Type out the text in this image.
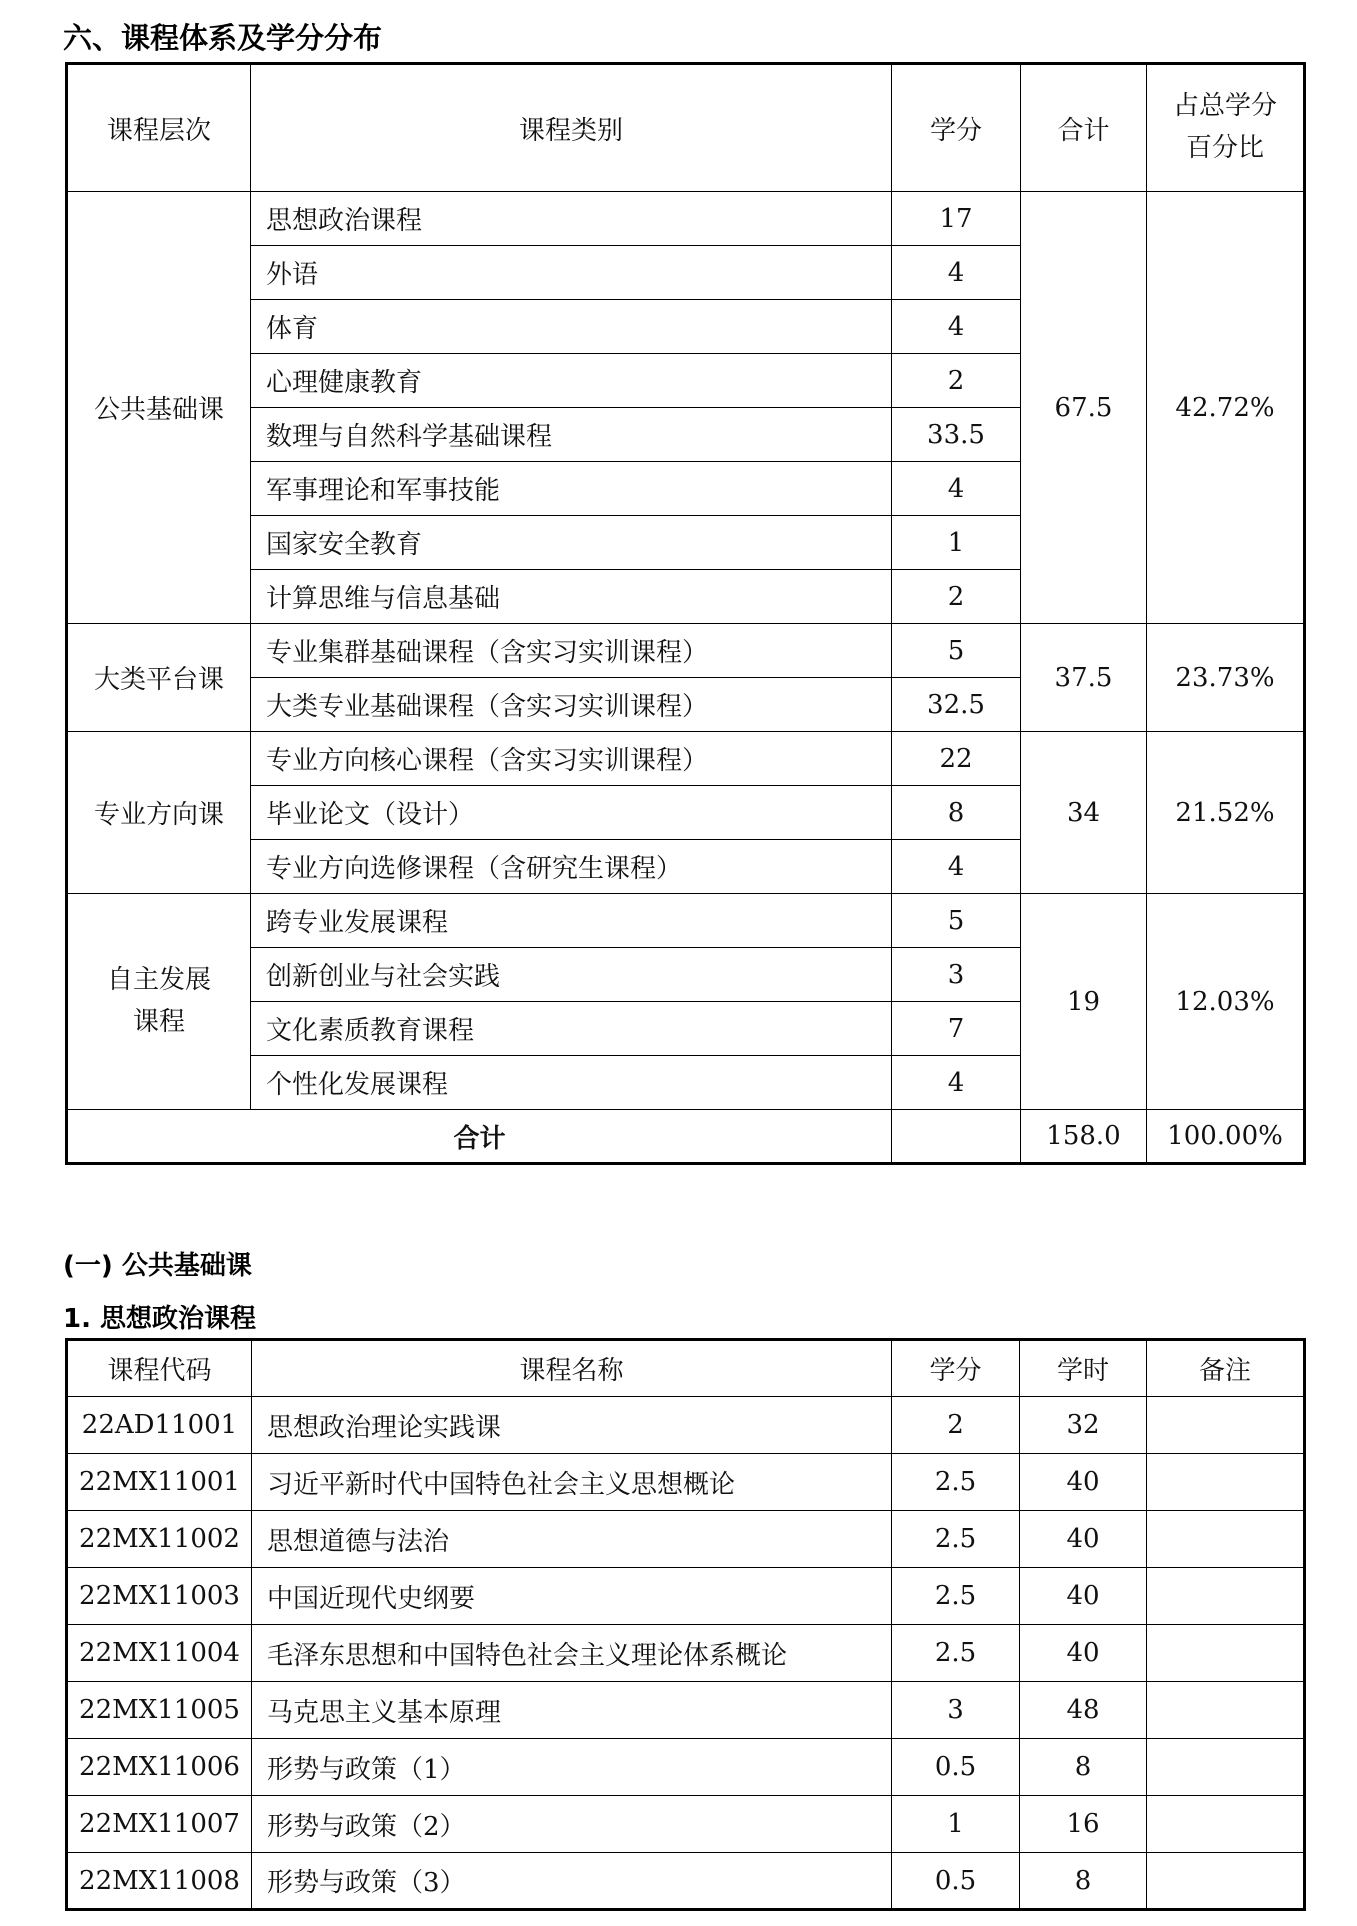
六、课程体系及学分分布
课程层次	课程类别	学分	合计	占总学分
百分比
公共基础课	思想政治课程	17	67.5	42.72%
	外语	4		
	体育	4		
	心理健康教育	2		
	数理与自然科学基础课程	33.5		
	军事理论和军事技能	4		
	国家安全教育	1		
	计算思维与信息基础	2		
大类平台课	专业集群基础课程（含实习实训课程）	5	37.5	23.73%
	大类专业基础课程（含实习实训课程）	32.5		
专业方向课	专业方向核心课程（含实习实训课程）	22	34	21.52%
	毕业论文（设计）	8		
	专业方向选修课程（含研究生课程）	4		
自主发展
课程	跨专业发展课程	5	19	12.03%
	创新创业与社会实践	3		
	文化素质教育课程	7		
	个性化发展课程	4		
合计			158.0	100.00%
(一) 公共基础课
1. 思想政治课程
课程代码	课程名称	学分	学时	备注
22AD11001	思想政治理论实践课	2	32	
22MX11001	习近平新时代中国特色社会主义思想概论	2.5	40	
22MX11002	思想道德与法治	2.5	40	
22MX11003	中国近现代史纲要	2.5	40	
22MX11004	毛泽东思想和中国特色社会主义理论体系概论	2.5	40	
22MX11005	马克思主义基本原理	3	48	
22MX11006	形势与政策（1）	0.5	8	
22MX11007	形势与政策（2）	1	16	
22MX11008	形势与政策（3）	0.5	8	
